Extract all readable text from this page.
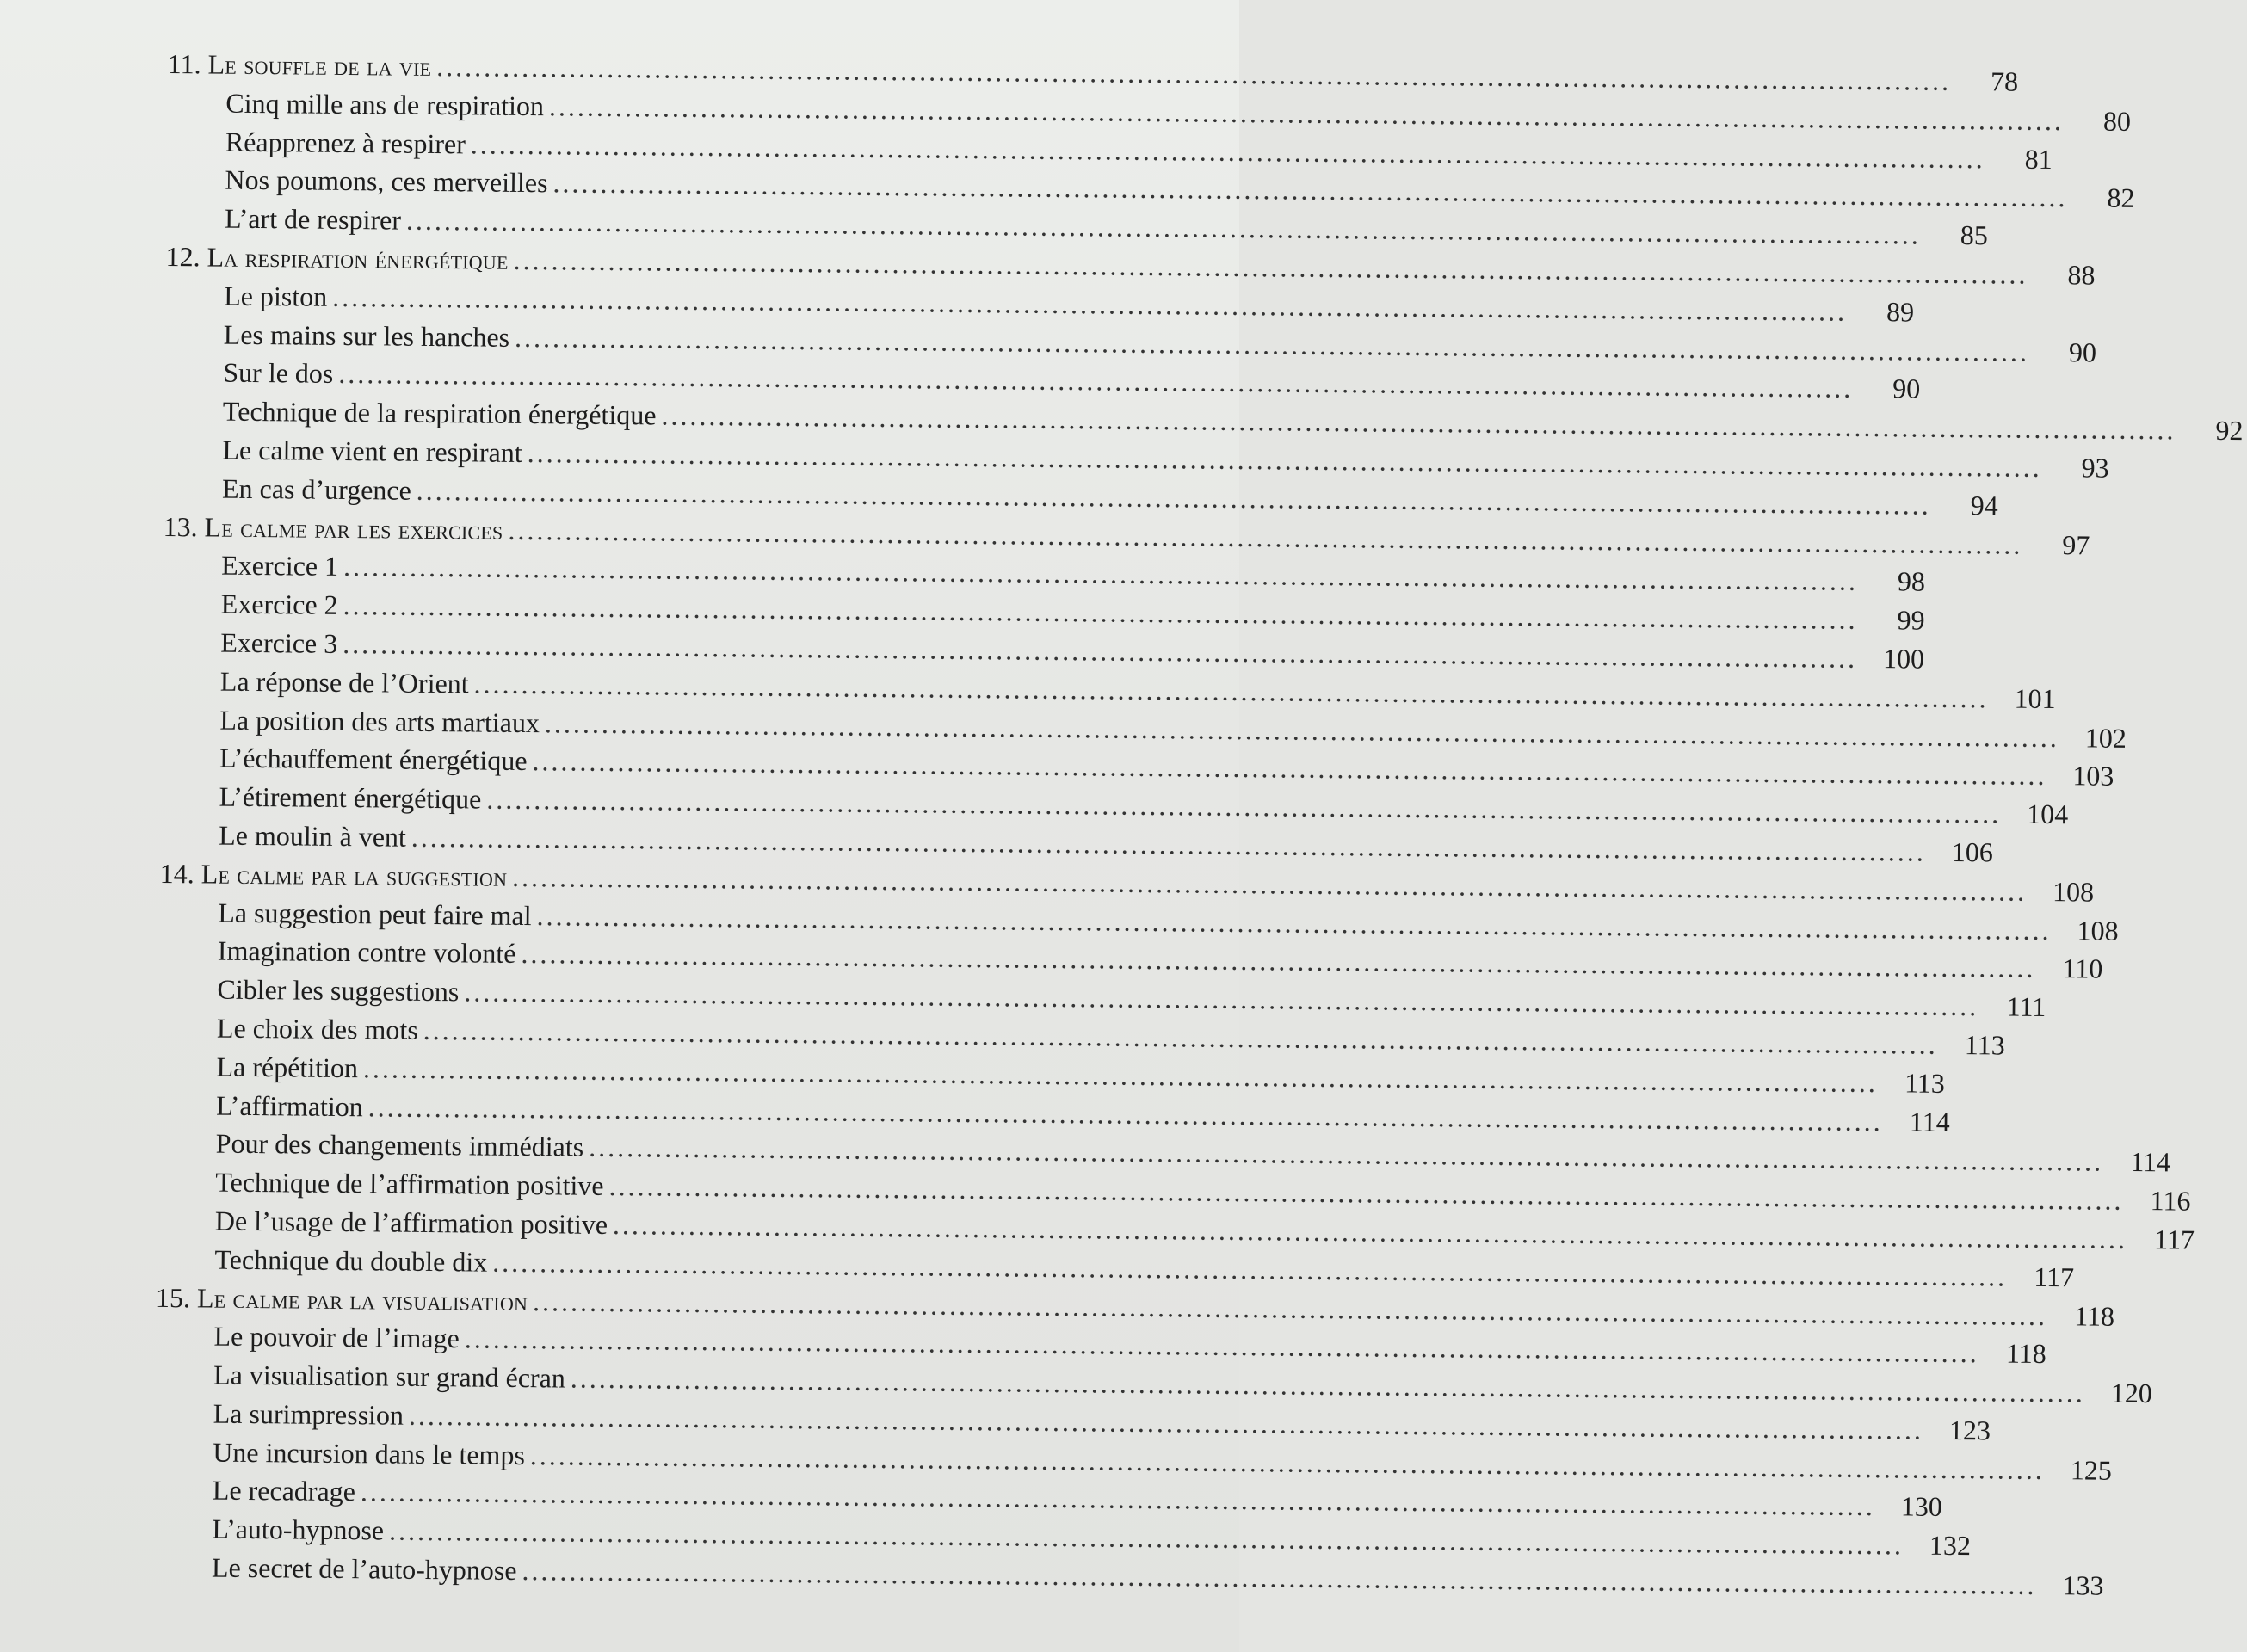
11. Le souffle de la vie ................................................................................................................................................................	78
Cinq mille ans de respiration ................................................................................................................................................................	80
Réapprenez à respirer ................................................................................................................................................................	81
Nos poumons, ces merveilles ................................................................................................................................................................	82
L’art de respirer ................................................................................................................................................................	85
12. La respiration énergétique ................................................................................................................................................................	88
Le piston ................................................................................................................................................................	89
Les mains sur les hanches ................................................................................................................................................................	90
Sur le dos ................................................................................................................................................................	90
Technique de la respiration énergétique ................................................................................................................................................................	92
Le calme vient en respirant ................................................................................................................................................................	93
En cas d’urgence ................................................................................................................................................................	94
13. Le calme par les exercices ................................................................................................................................................................	97
Exercice 1 ................................................................................................................................................................	98
Exercice 2 ................................................................................................................................................................	99
Exercice 3 ................................................................................................................................................................ 100
La réponse de l’Orient ................................................................................................................................................................ 101
La position des arts martiaux ................................................................................................................................................................ 102
L’échauffement énergétique ................................................................................................................................................................ 103
L’étirement énergétique ................................................................................................................................................................ 104
Le moulin à vent ................................................................................................................................................................ 106
14. Le calme par la suggestion ................................................................................................................................................................ 108
La suggestion peut faire mal ................................................................................................................................................................ 108
Imagination contre volonté ................................................................................................................................................................ 110
Cibler les suggestions ................................................................................................................................................................	111
Le choix des mots ................................................................................................................................................................ 113
La répétition ................................................................................................................................................................ 113
L’affirmation ................................................................................................................................................................ 114
Pour des changements immédiats ................................................................................................................................................................ 114
Technique de l’affirmation positive ................................................................................................................................................................ 116
De l’usage de l’affirmation positive ................................................................................................................................................................ 117
Technique du double dix ................................................................................................................................................................ 117
15. Le calme par la visualisation ................................................................................................................................................................ 118
Le pouvoir de l’image ................................................................................................................................................................ 118
La visualisation sur grand écran ................................................................................................................................................................ 120
La surimpression ................................................................................................................................................................ 123
Une incursion dans le temps ................................................................................................................................................................ 125
Le recadrage ................................................................................................................................................................ 130
L’auto-hypnose ................................................................................................................................................................ 132
Le secret de l’auto-hypnose ................................................................................................................................................................ 133
